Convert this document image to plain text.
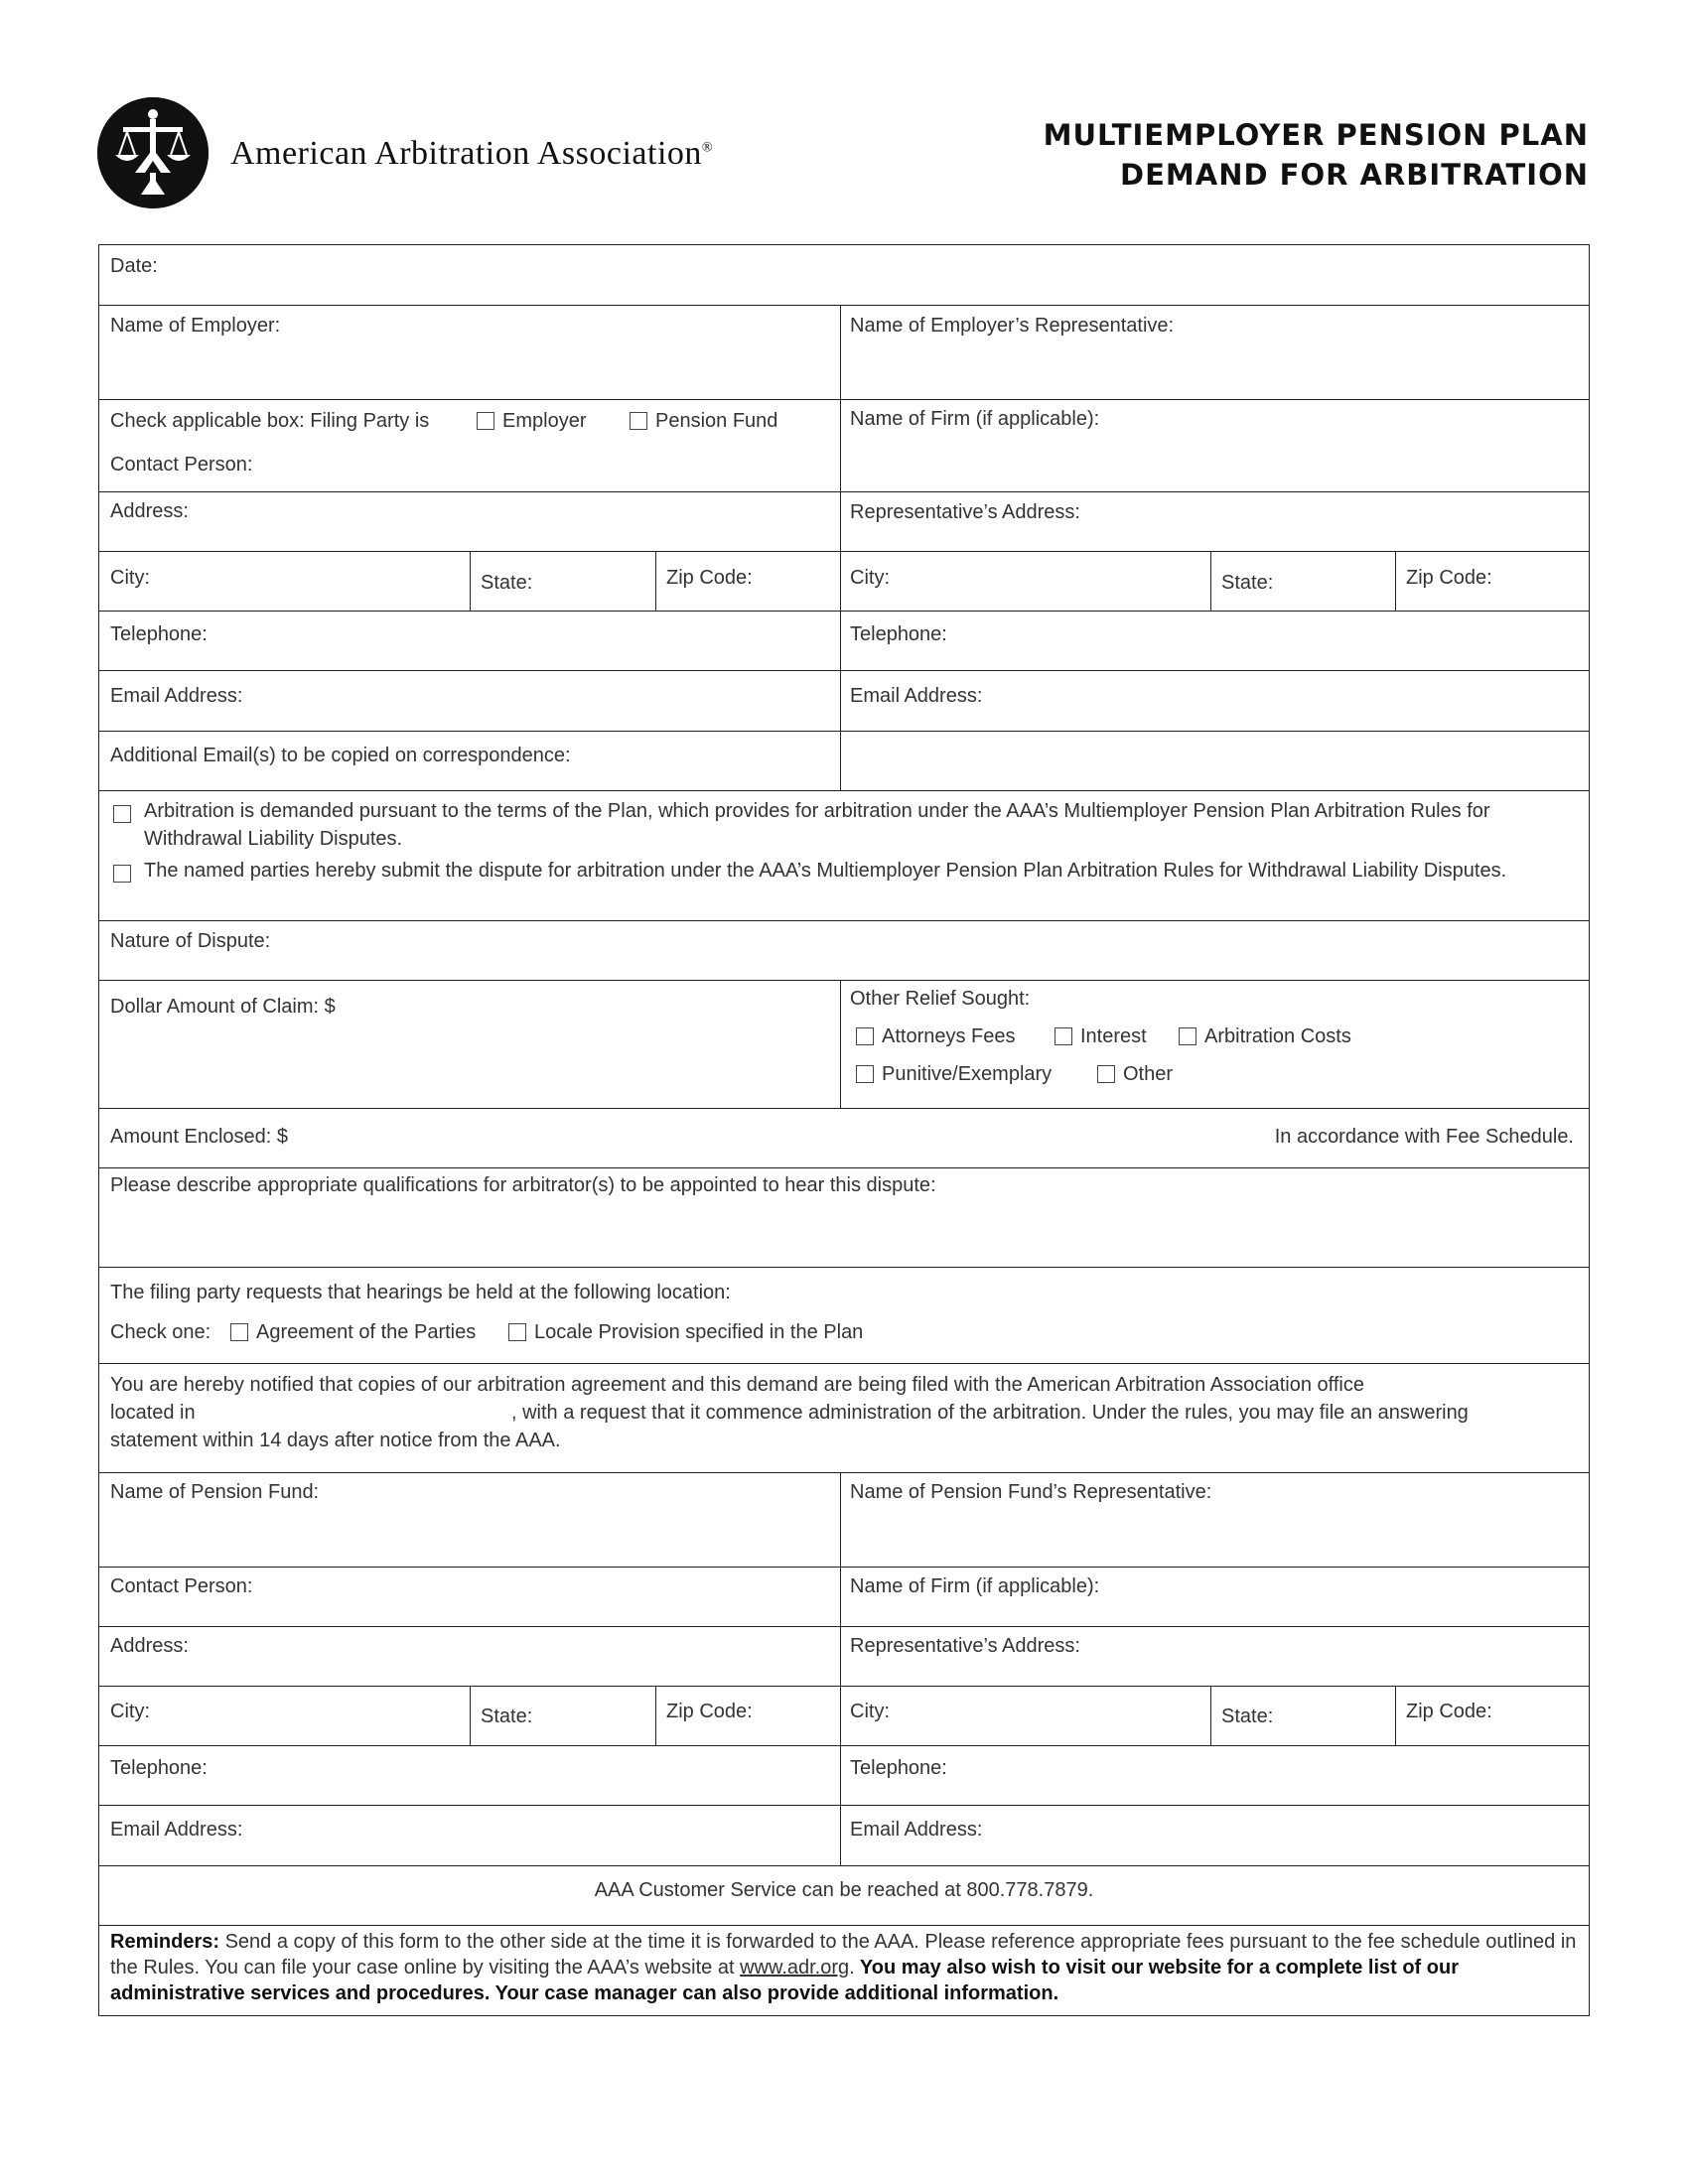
American Arbitration Association®	MULTIEMPLOYER PENSION PLAN
DEMAND FOR ARBITRATION
Date:
Name of Employer:	Name of Employer’s Representative:
Check applicable box: Filing Party is	Employer	Pension Fund
Contact Person:
Name of Firm (if applicable):
Address:	Representative’s Address:
City:	State:	Zip Code:	City:	State:	Zip Code:
Telephone:	Telephone:
Email Address:	Email Address:
Additional Email(s) to be copied on correspondence:
Arbitration is demanded pursuant to the terms of the Plan, which provides for arbitration under the AAA’s Multiemployer Pension Plan Arbitration Rules for Withdrawal Liability Disputes.
The named parties hereby submit the dispute for arbitration under the AAA’s Multiemployer Pension Plan Arbitration Rules for Withdrawal Liability Disputes.
Nature of Dispute:
Dollar Amount of Claim: $	Other Relief Sought:
Attorneys Fees	Interest	Arbitration Costs
Punitive/Exemplary	Other
Amount Enclosed: $	In accordance with Fee Schedule.
Please describe appropriate qualifications for arbitrator(s) to be appointed to hear this dispute:
The filing party requests that hearings be held at the following location:
Check one:	Agreement of the Parties	Locale Provision specified in the Plan
You are hereby notified that copies of our arbitration agreement and this demand are being filed with the American Arbitration Association office
located in	, with a request that it commence administration of the arbitration. Under the rules, you may file an answering
statement within 14 days after notice from the AAA.
Name of Pension Fund:	Name of Pension Fund’s Representative:
Contact Person:	Name of Firm (if applicable):
Address:	Representative’s Address:
City:	State:	Zip Code:	City:	State:	Zip Code:
Telephone:	Telephone:
Email Address:	Email Address:
AAA Customer Service can be reached at 800.778.7879.
Reminders: Send a copy of this form to the other side at the time it is forwarded to the AAA. Please reference appropriate fees pursuant to the fee schedule outlined in the Rules. You can file your case online by visiting the AAA’s website at www.adr.org. You may also wish to visit our website for a complete list of our administrative services and procedures. Your case manager can also provide additional information.
